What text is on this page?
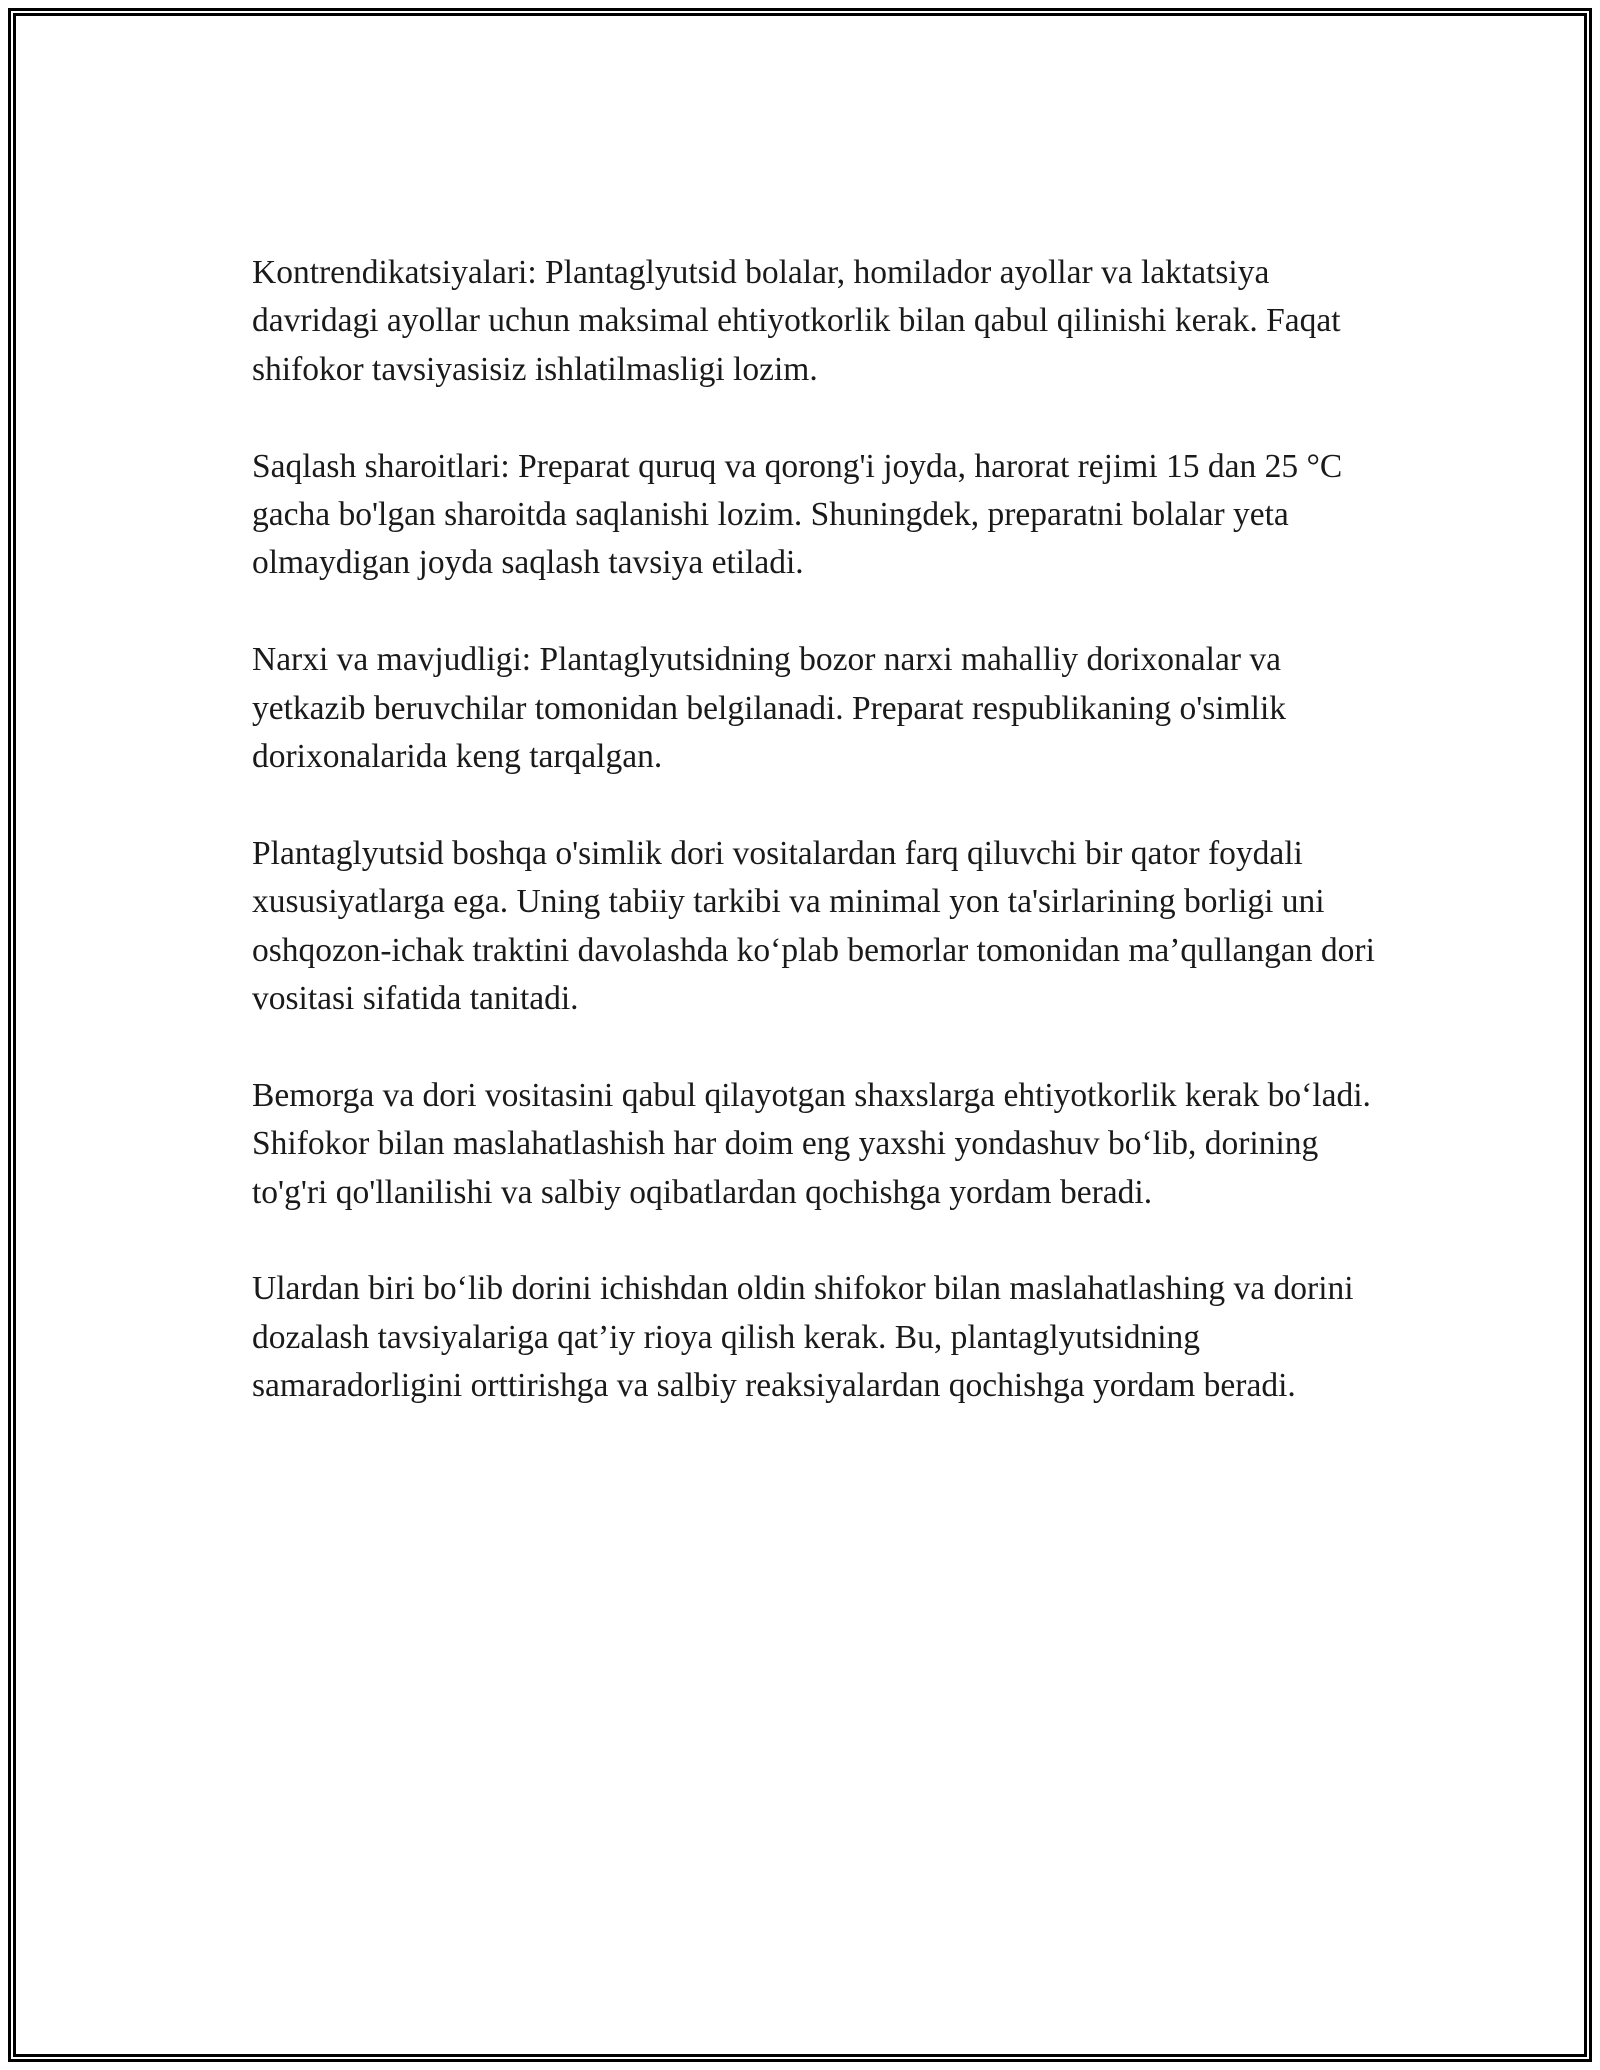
Kontrendikatsiyalari: Plantaglyutsid bolalar, homilador ayollar va laktatsiya davridagi ayollar uchun maksimal ehtiyotkorlik bilan qabul qilinishi kerak. Faqat shifokor tavsiyasisiz ishlatilmasligi lozim.

Saqlash sharoitlari: Preparat quruq va qorong'i joyda, harorat rejimi 15 dan 25 °C gacha bo'lgan sharoitda saqlanishi lozim. Shuningdek, preparatni bolalar yeta olmaydigan joyda saqlash tavsiya etiladi.

Narxi va mavjudligi: Plantaglyutsidning bozor narxi mahalliy dorixonalar va yetkazib beruvchilar tomonidan belgilanadi. Preparat respublikaning o'simlik dorixonalarida keng tarqalgan.

Plantaglyutsid boshqa o'simlik dori vositalardan farq qiluvchi bir qator foydali xususiyatlarga ega. Uning tabiiy tarkibi va minimal yon ta'sirlarining borligi uni oshqozon-ichak traktini davolashda ko‘plab bemorlar tomonidan ma’qullangan dori vositasi sifatida tanitadi.

Bemorga va dori vositasini qabul qilayotgan shaxslarga ehtiyotkorlik kerak bo‘ladi. Shifokor bilan maslahatlashish har doim eng yaxshi yondashuv bo‘lib, dorining to'g'ri qo'llanilishi va salbiy oqibatlardan qochishga yordam beradi.

Ulardan biri bo‘lib dorini ichishdan oldin shifokor bilan maslahatlashing va dorini dozalash tavsiyalariga qat’iy rioya qilish kerak. Bu, plantaglyutsidning samaradorligini orttirishga va salbiy reaksiyalardan qochishga yordam beradi.
